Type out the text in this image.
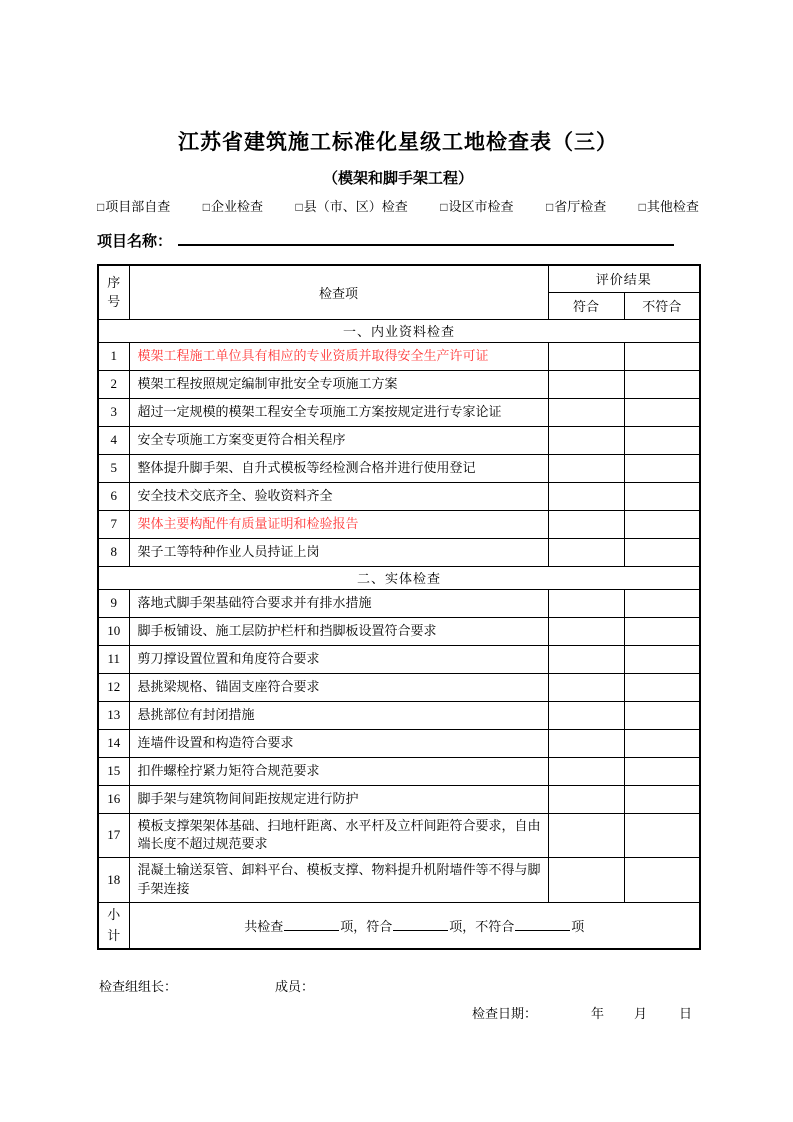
江苏省建筑施工标准化星级工地检查表（三）
（模架和脚手架工程）
□项目部自查	□企业检查	□县（市、区）检查	□设区市检查	□省厅检查	□其他检查
项目名称：
序号	检查项	评价结果	
		符合	不符合
一、内业资料检查			
1	模架工程施工单位具有相应的专业资质并取得安全生产许可证		
2	模架工程按照规定编制审批安全专项施工方案		
3	超过一定规模的模架工程安全专项施工方案按规定进行专家论证		
4	安全专项施工方案变更符合相关程序		
5	整体提升脚手架、自升式模板等经检测合格并进行使用登记		
6	安全技术交底齐全、验收资料齐全		
7	架体主要构配件有质量证明和检验报告		
8	架子工等特种作业人员持证上岗		
二、实体检查			
9	落地式脚手架基础符合要求并有排水措施		
10	脚手板铺设、施工层防护栏杆和挡脚板设置符合要求		
11	剪刀撑设置位置和角度符合要求		
12	悬挑梁规格、锚固支座符合要求		
13	悬挑部位有封闭措施		
14	连墙件设置和构造符合要求		
15	扣件螺栓拧紧力矩符合规范要求		
16	脚手架与建筑物间间距按规定进行防护		
17	模板支撑架架体基础、扫地杆距离、水平杆及立杆间距符合要求，自由端长度不超过规范要求		
18	混凝土输送泵管、卸料平台、模板支撑、物料提升机附墙件等不得与脚手架连接		
小计	共检查 项，符合 项，不符合 项		
检查组组长：	成员：
检查日期：	年 月 日
